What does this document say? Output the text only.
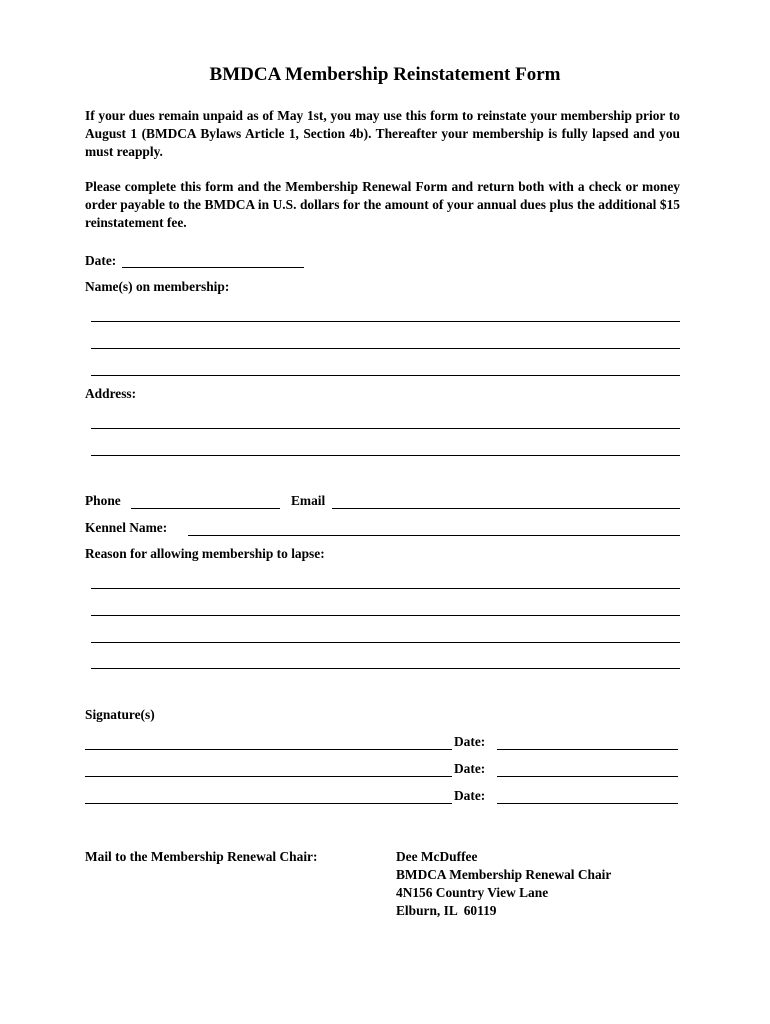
BMDCA Membership Reinstatement Form
If your dues remain unpaid as of May 1st, you may use this form to reinstate your membership prior to August 1 (BMDCA Bylaws Article 1, Section 4b). Thereafter your membership is fully lapsed and you must reapply.
Please complete this form and the Membership Renewal Form and return both with a check or money order payable to the BMDCA in U.S. dollars for the amount of your annual dues plus the additional $15 reinstatement fee.
Date:
Name(s) on membership:
Address:
Phone	Email
Kennel Name:
Reason for allowing membership to lapse:
Signature(s)
Date:
Date:
Date:
Mail to the Membership Renewal Chair:	Dee McDuffee
BMDCA Membership Renewal Chair
4N156 Country View Lane
Elburn, IL  60119
